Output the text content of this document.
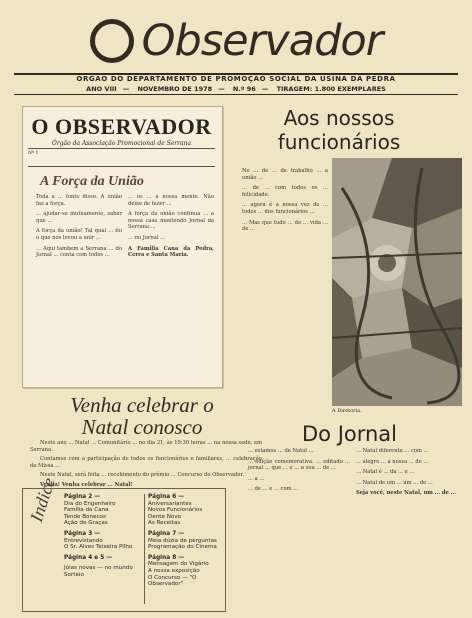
Observador
ÓRGÃO DO DEPARTAMENTO DE PROMOÇÃO SOCIAL DA USINA DA PEDRA
ANO VIII — NOVEMBRO DE 1978 — N.º 96 — TIRAGEM: 1.800 EXEMPLARES
O OBSERVADOR
Órgão da Associação Promocional de Serrana
Nº 1
A Força da União

Toda a ... fonte disso. A união faz a força.

... ajudar-se mutuamente, saber que ...

A força da união! Tal qual ... foi o que nos levou a unir ...

... Aqui tambem a Serrana ... do Jornal ... conta com todos ...

... os ... a nossa mente. Não deixe de fazer ...

A força da união continua ... a nossa casa mantendo Jornal da Serrana ...

... no Jornal ...

A Família Cana da Pedra, Cerra e Santa Maria.

Aos nossos funcionários

No ... de ... de trabalho ... a união ...

... de ... com todos os ... felicidade.

... agora é a nossa vez de ... todos ... dos funcionários ...

... Mas que tudo ... de ... vida ... de ...

A Diretoria.
Venha celebrar o Natal conosco

Neste ano ... Natal ... Comunitário ... no dia 21, às 19:30 horas ... na nossa sede, em Serrana.

Contamos com a participação de todos os funcionários e familiares, ... celebração da Missa ...

Neste Natal, será feita ... recebimento do prêmio ... Concurso do Observador.

Venha! Venha celebrar ... Natal!

Do Jornal

... estamos ... de Natal ...

... edição comemorativa. ... editado ... jornal ... que ... e ... a sua ... de ...

... a ...

... de ... e ... com ...

... Natal diferente ... com ...

... alegre ... a nossa ... de ...

... Natal é ... da ... e ...

... Natal de um ... um ... de ...

Seja você, neste Natal, um ... de ...

Indice Página 2 —
Dia do Engenheiro
Família da Cana
Tende Bonecos
Ação de Graças
Página 3 —
Entrevistando
O Sr. Alves Teixeira Pilho
Página 4 e 5 —
Jóias novas — no mundo
Sorteio
Página 6 —
Aniversariantes
Novos Funcionários
Dente Novo
As Receitas
Página 7 —
Meia dúzia de perguntas
Programação do Cinema
Página 8 —
Mensagem do Vigário
A nossa exposição
O Concurso — "O Observador"
